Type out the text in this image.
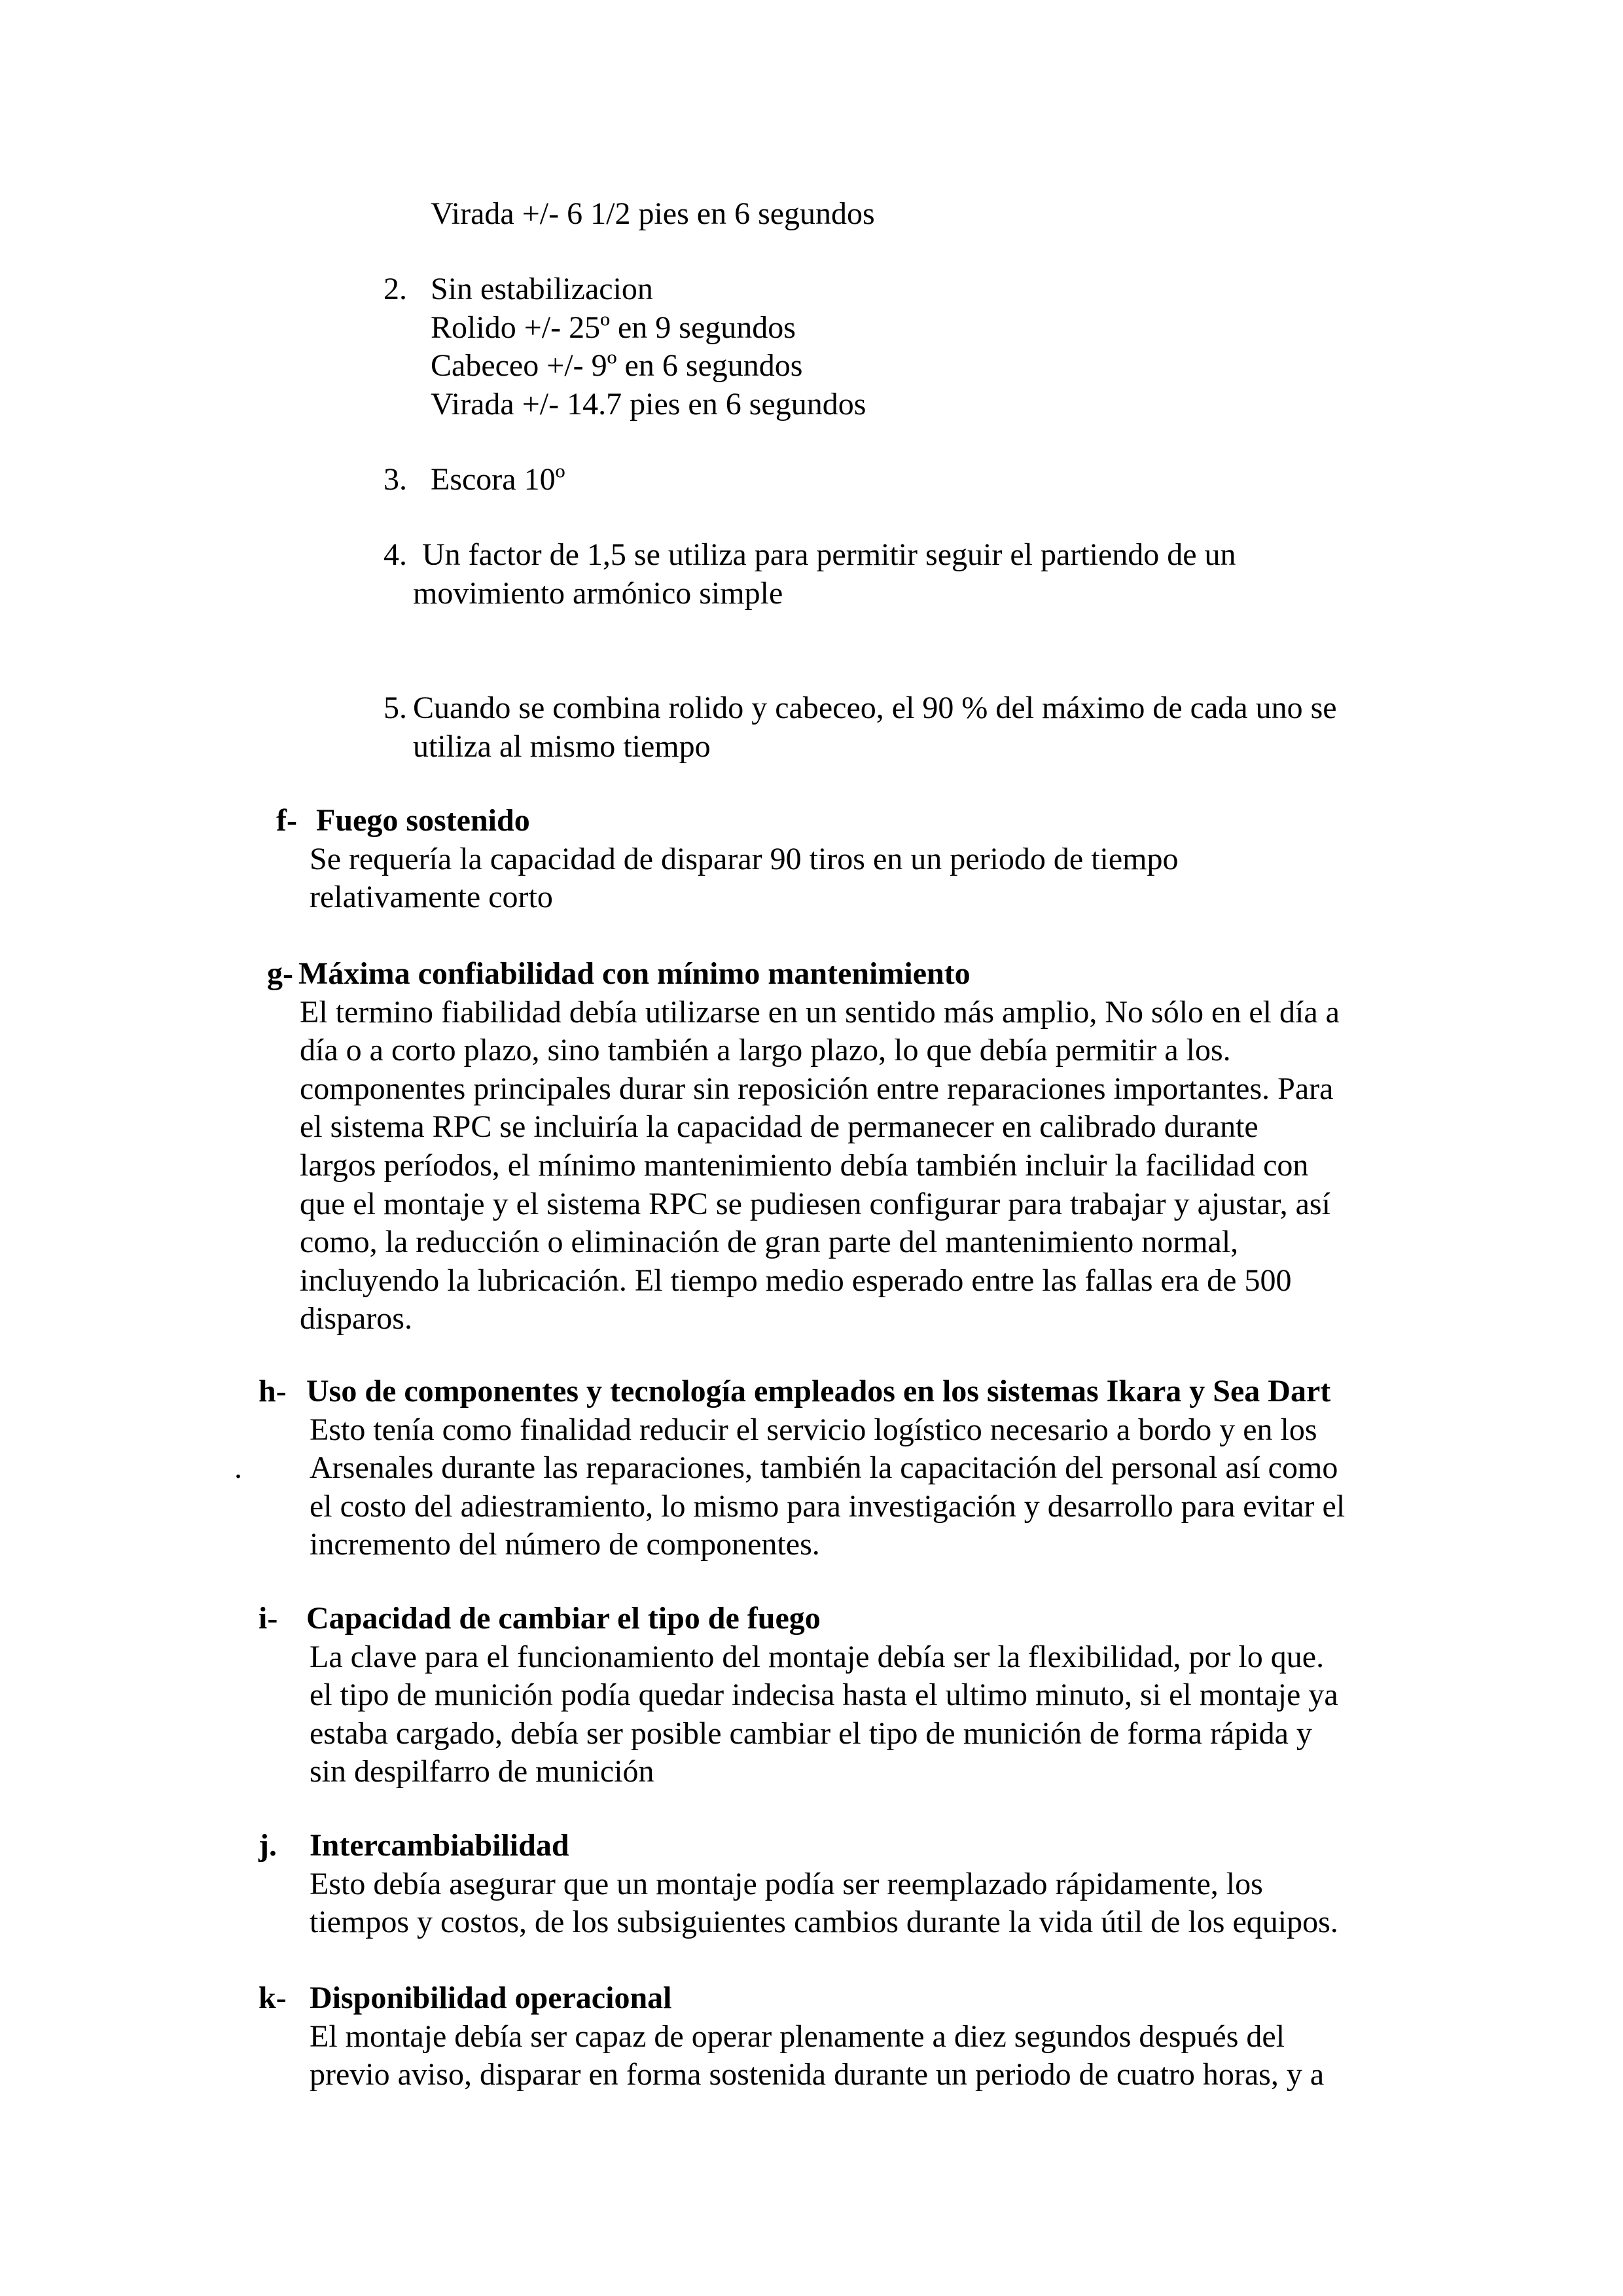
Virada +/- 6 1/2 pies en 6 segundos
2. Sin estabilizacion
Rolido +/- 25º en 9 segundos
Cabeceo +/- 9º en 6 segundos
Virada +/- 14.7 pies en 6 segundos
3. Escora 10º
4. Un factor de 1,5 se utiliza para permitir seguir el partiendo de un
movimiento armónico simple
5. Cuando se combina rolido y cabeceo, el 90 % del máximo de cada uno se
utiliza al mismo tiempo
f- Fuego sostenido
Se requería la capacidad de disparar 90 tiros en un periodo de tiempo
relativamente corto
g- Máxima confiabilidad con mínimo mantenimiento
El termino fiabilidad debía utilizarse en un sentido más amplio, No sólo en el día a
día o a corto plazo, sino también a largo plazo, lo que debía permitir a los.
componentes principales durar sin reposición entre reparaciones importantes. Para
el sistema RPC se incluiría la capacidad de permanecer en calibrado durante
largos períodos, el mínimo mantenimiento debía también incluir la facilidad con
que el montaje y el sistema RPC se pudiesen configurar para trabajar y ajustar, así
como, la reducción o eliminación de gran parte del mantenimiento normal,
incluyendo la lubricación. El tiempo medio esperado entre las fallas era de 500
disparos.
h-
.
Uso de componentes y tecnología empleados en los sistemas Ikara y Sea Dart
Esto tenía como finalidad reducir el servicio logístico necesario a bordo y en los
Arsenales durante las reparaciones, también la capacitación del personal así como
el costo del adiestramiento, lo mismo para investigación y desarrollo para evitar el
incremento del número de componentes.
i- Capacidad de cambiar el tipo de fuego
La clave para el funcionamiento del montaje debía ser la flexibilidad, por lo que.
el tipo de munición podía quedar indecisa hasta el ultimo minuto, si el montaje ya
estaba cargado, debía ser posible cambiar el tipo de munición de forma rápida y
sin despilfarro de munición
j. Intercambiabilidad
Esto debía asegurar que un montaje podía ser reemplazado rápidamente, los
tiempos y costos, de los subsiguientes cambios durante la vida útil de los equipos.
k- Disponibilidad operacional
El montaje debía ser capaz de operar plenamente a diez segundos después del
previo aviso, disparar en forma sostenida durante un periodo de cuatro horas, y a
